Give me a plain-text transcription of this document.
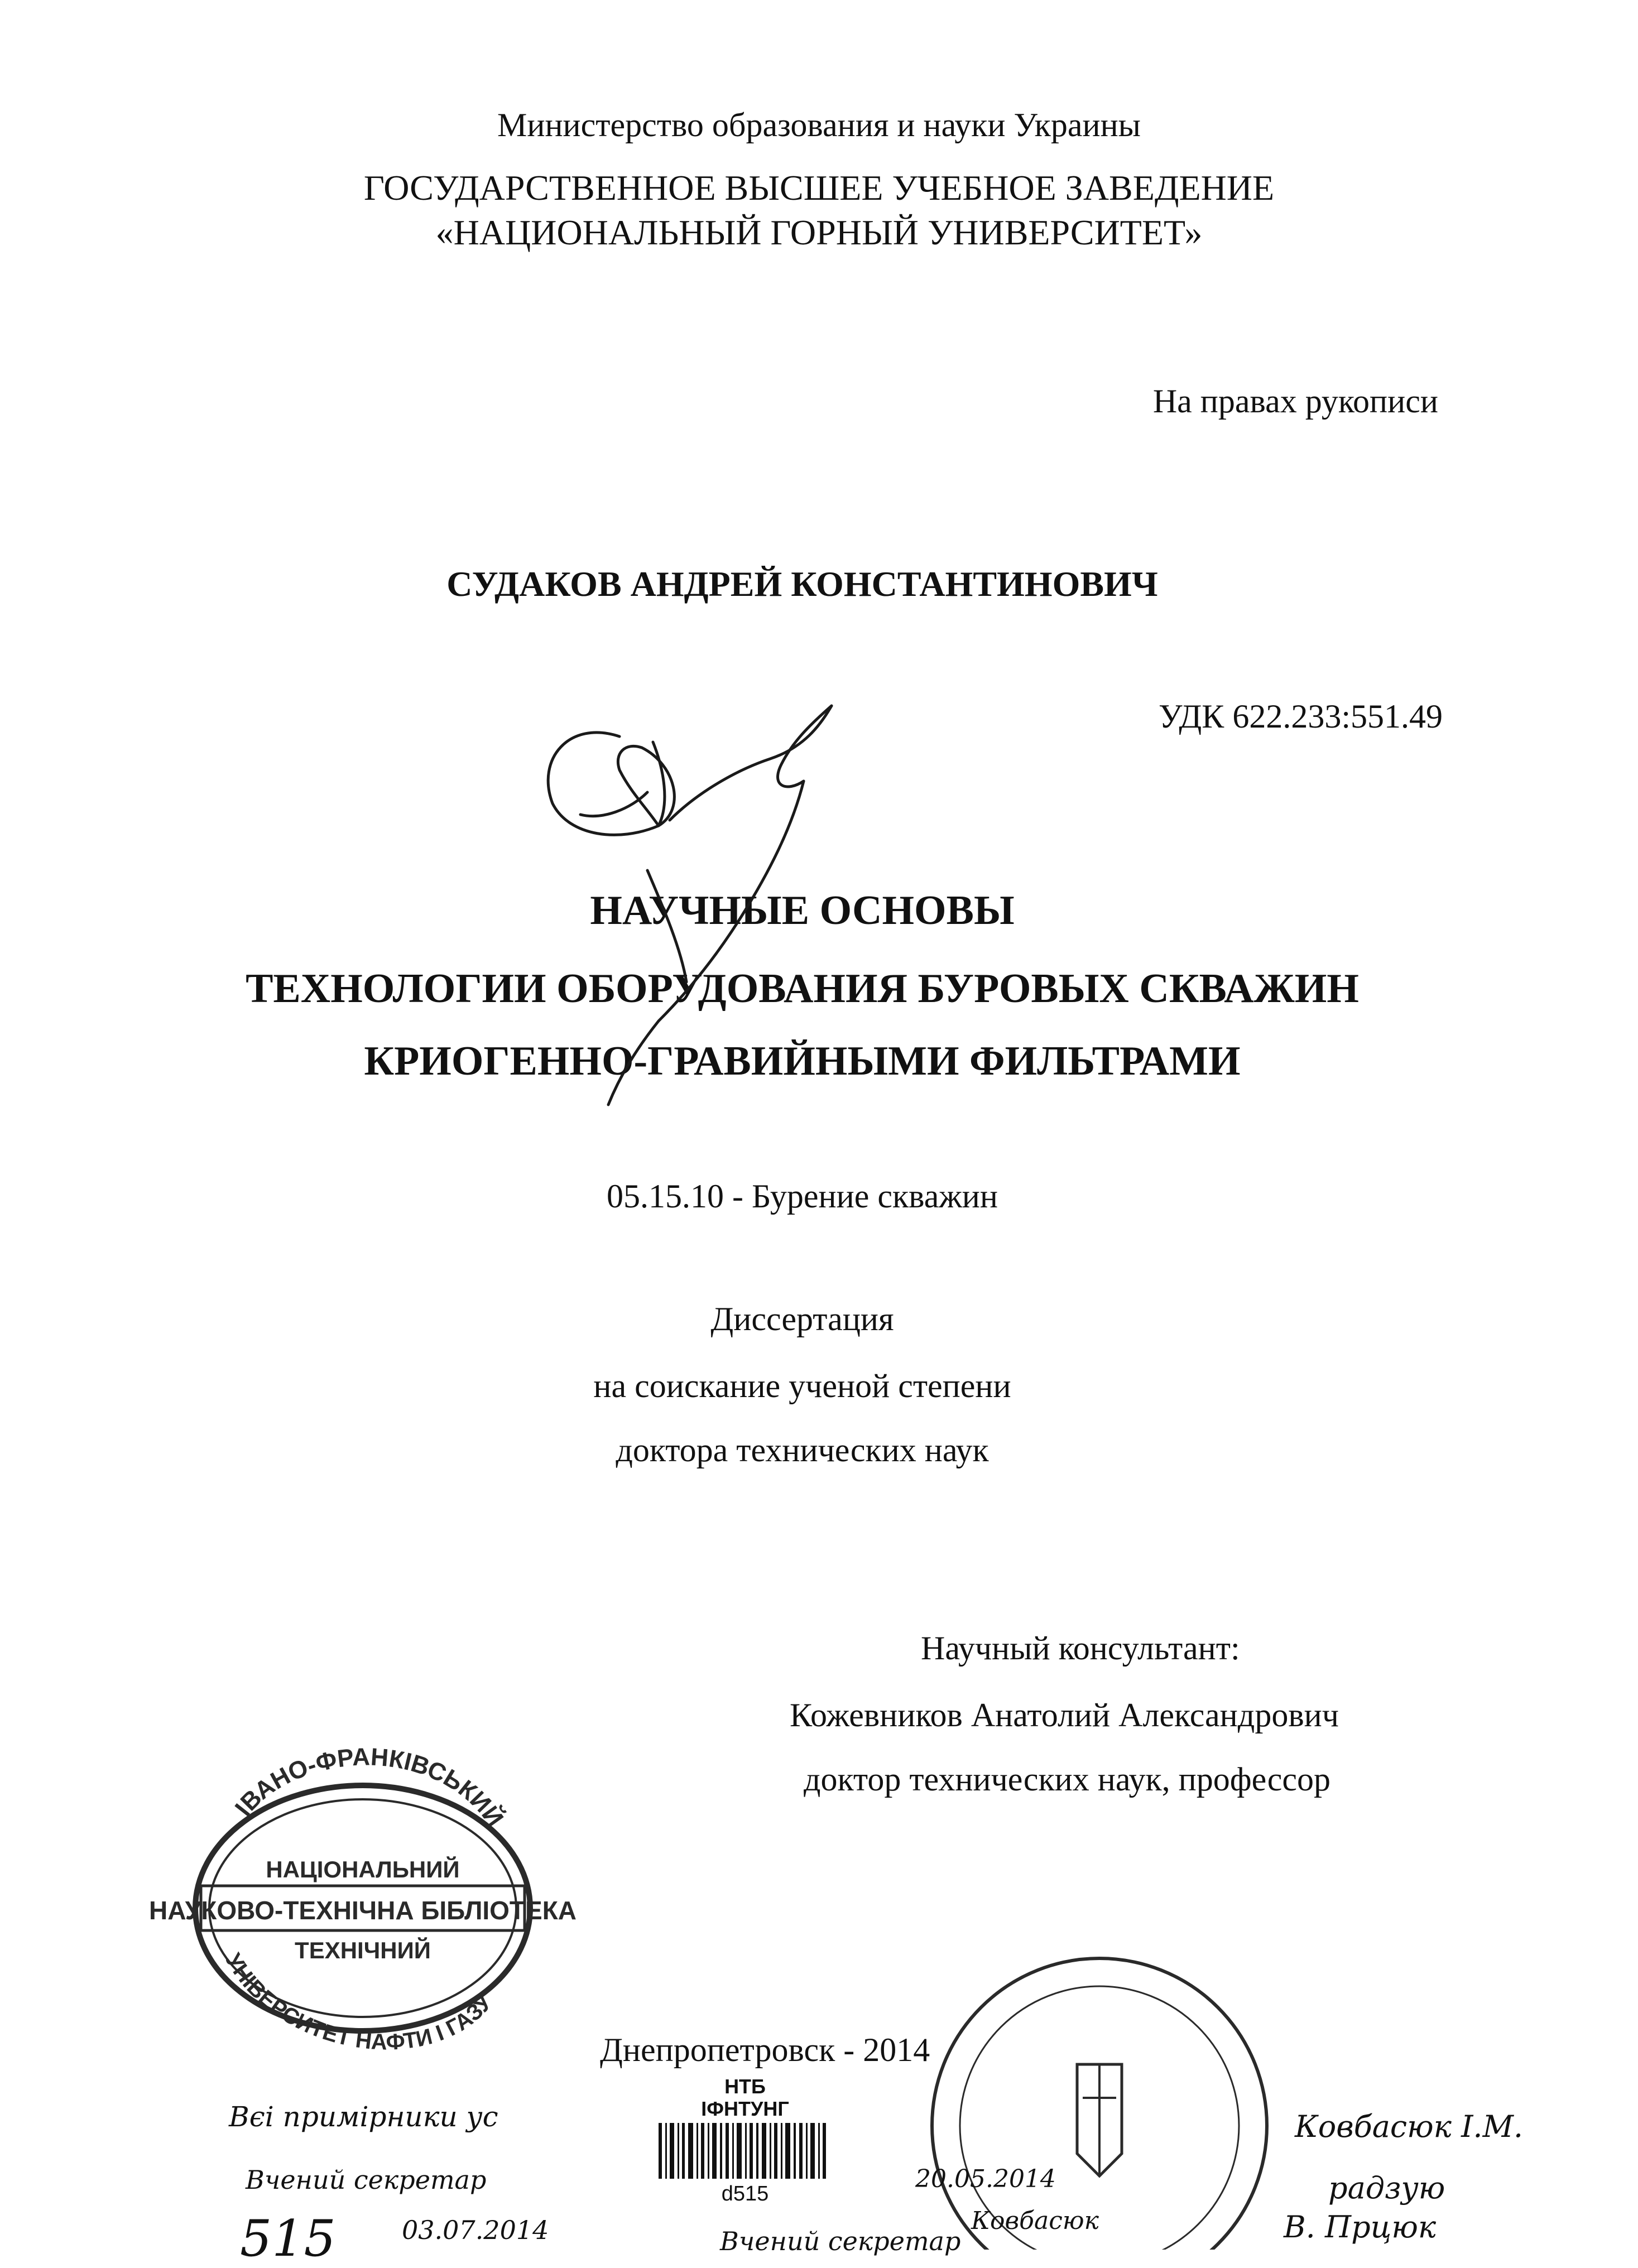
Министерство образования и науки Украины
ГОСУДАРСТВЕННОЕ ВЫСШЕЕ УЧЕБНОЕ ЗАВЕДЕНИЕ
«НАЦИОНАЛЬНЫЙ ГОРНЫЙ УНИВЕРСИТЕТ»
На правах рукописи
СУДАКОВ АНДРЕЙ КОНСТАНТИНОВИЧ
УДК 622.233:551.49
НАУЧНЫЕ ОСНОВЫ
ТЕХНОЛОГИИ ОБОРУДОВАНИЯ БУРОВЫХ СКВАЖИН
КРИОГЕННО-ГРАВИЙНЫМИ ФИЛЬТРАМИ
05.15.10 - Бурение скважин
Диссертация
на соискание ученой степени
доктора технических наук
Научный консультант:
Кожевников Анатолий Александрович
доктор технических наук, профессор
Днепропетровск - 2014
ІВАНО-ФРАНКІВСЬКИЙ
НАЦІОНАЛЬНИЙ
НАУКОВО-ТЕХНІЧНА БІБЛІОТЕКА
ТЕХНІЧНИЙ
УНІВЕРСИТЕТ НАФТИ І ГАЗУ
НТБ
ІФНТУНГ
d515
Вєі примірники ус
Вчений секретар
515	03.07.2014
20.05.2014
Вчений секретар
Ковбасюк
Ковбасюк І.М.
радзую
В. Прцюк
